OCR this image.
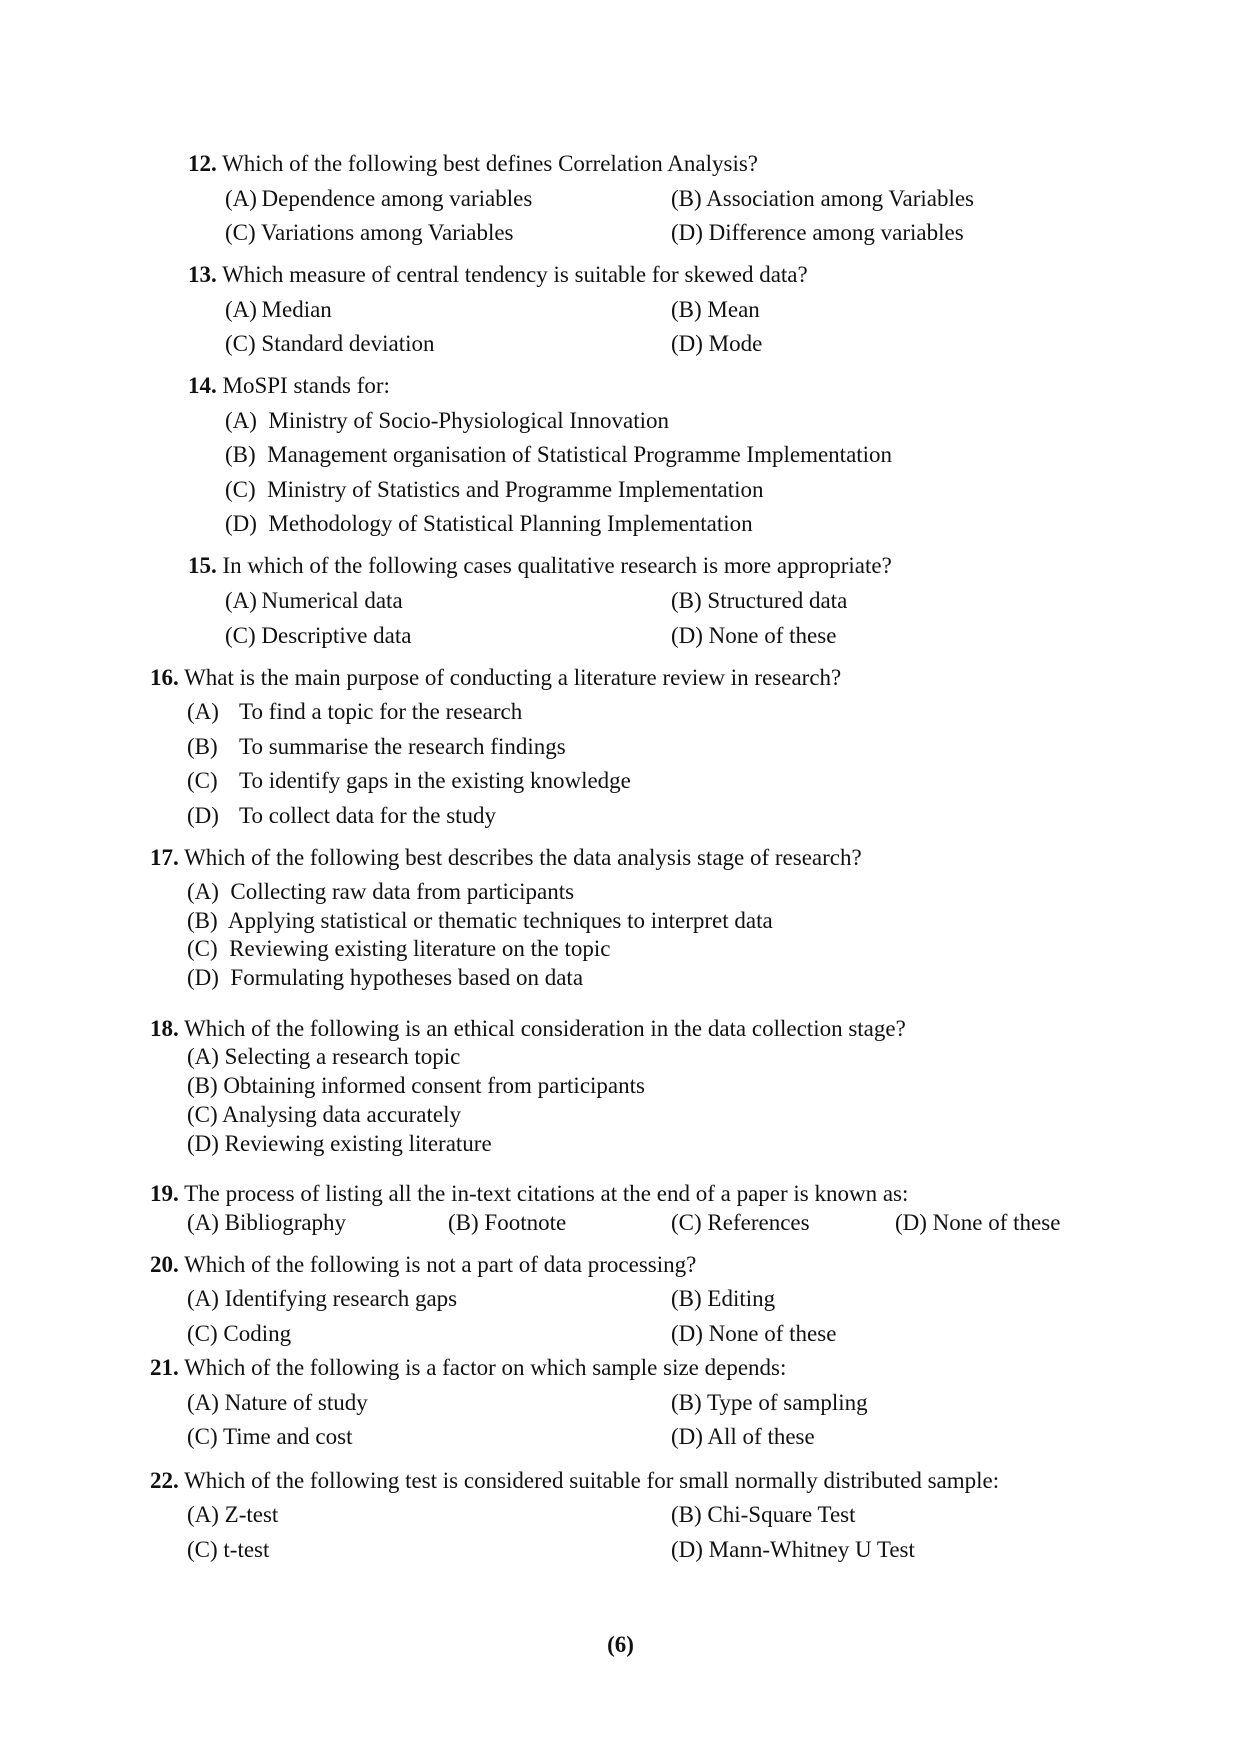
12. Which of the following best defines Correlation Analysis?
(A) Dependence among variables	(B) Association among Variables
(C) Variations among Variables	(D) Difference among variables
13. Which measure of central tendency is suitable for skewed data?
(A) Median	(B) Mean
(C) Standard deviation	(D) Mode
14. MoSPI stands for:
(A)  Ministry of Socio-Physiological Innovation
(B)  Management organisation of Statistical Programme Implementation
(C)  Ministry of Statistics and Programme Implementation
(D)  Methodology of Statistical Planning Implementation
15. In which of the following cases qualitative research is more appropriate?
(A) Numerical data	(B) Structured data
(C) Descriptive data	(D) None of these
16. What is the main purpose of conducting a literature review in research?
(A) To find a topic for the research
(B) To summarise the research findings
(C) To identify gaps in the existing knowledge
(D) To collect data for the study
17. Which of the following best describes the data analysis stage of research?
(A)  Collecting raw data from participants
(B)  Applying statistical or thematic techniques to interpret data
(C)  Reviewing existing literature on the topic
(D)  Formulating hypotheses based on data
18. Which of the following is an ethical consideration in the data collection stage?
(A) Selecting a research topic
(B) Obtaining informed consent from participants
(C) Analysing data accurately
(D) Reviewing existing literature
19. The process of listing all the in-text citations at the end of a paper is known as:
(A) Bibliography	(B) Footnote	(C) References	(D) None of these
20. Which of the following is not a part of data processing?
(A) Identifying research gaps	(B) Editing
(C) Coding	(D) None of these
21. Which of the following is a factor on which sample size depends:
(A) Nature of study	(B) Type of sampling
(C) Time and cost	(D) All of these
22. Which of the following test is considered suitable for small normally distributed sample:
(A) Z-test	(B) Chi-Square Test
(C) t-test	(D) Mann-Whitney U Test
(6)
